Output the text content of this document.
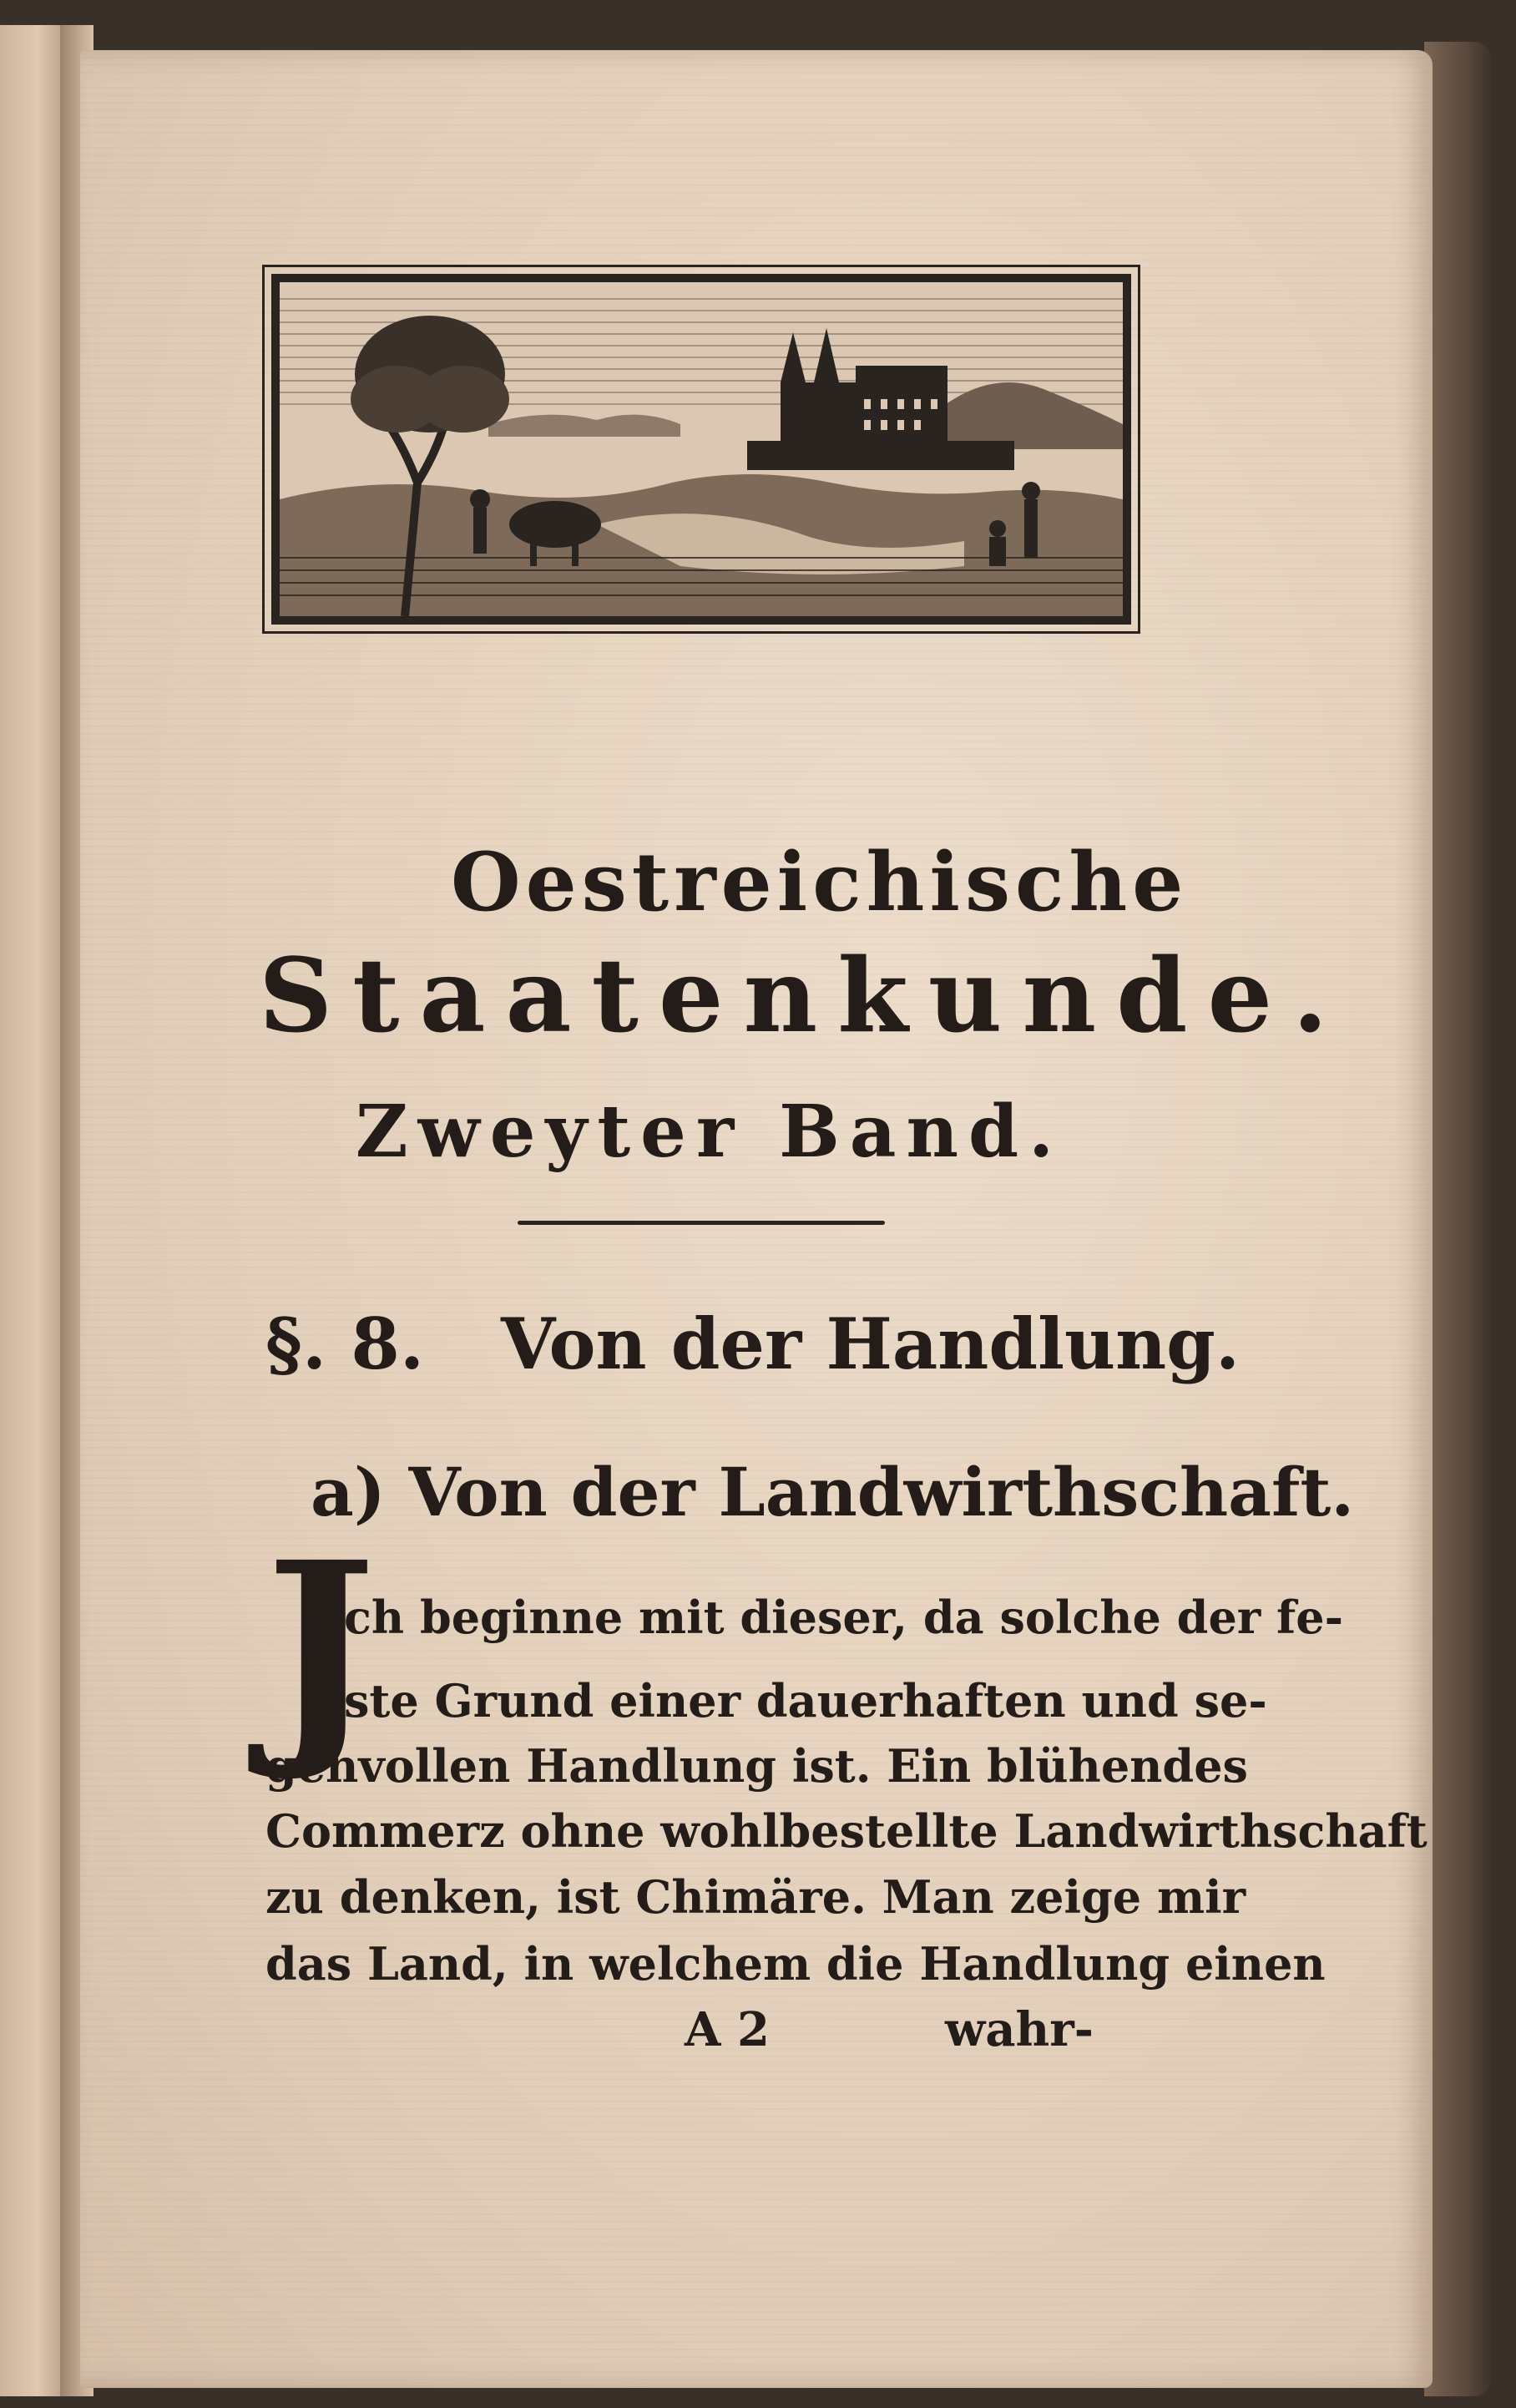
Oestreichische
Staatenkunde.
Zweyter Band.
§. 8. Von der Handlung.
a) Von der Landwirthschaft.
J
ch beginne mit dieser, da solche der fe-
ste Grund einer dauerhaften und se-
genvollen Handlung ist. Ein blühendes
Commerz ohne wohlbestellte Landwirthschaft
zu denken, ist Chimäre. Man zeige mir
das Land, in welchem die Handlung einen
A 2	wahr-
